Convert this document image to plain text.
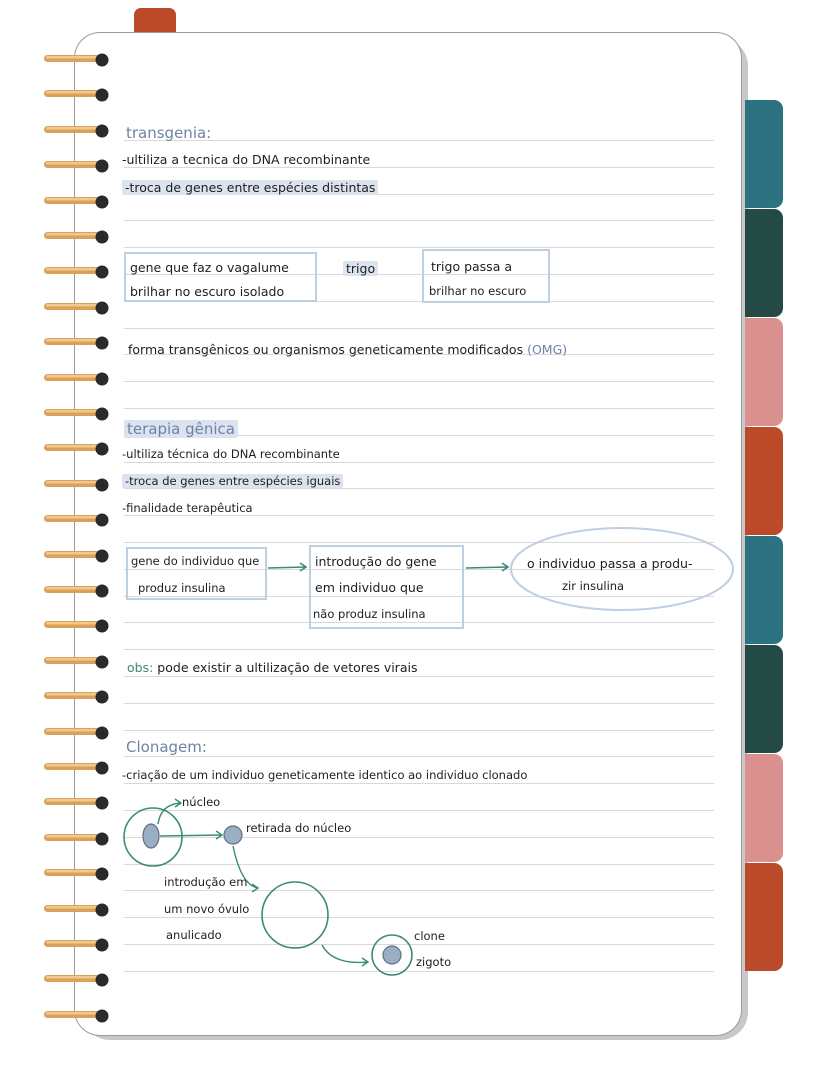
transgenia:
-ultiliza a tecnica do DNA recombinante
-troca de genes entre espécies distintas
gene que faz o vagalume
brilhar no escuro isolado
trigo	trigo passa a
brilhar no escuro
forma transgênicos ou organismos geneticamente modificados (OMG)
terapia gênica
-ultiliza técnica do DNA recombinante
-troca de genes entre espécies iguais
-finalidade terapêutica
gene do individuo que
produz insulina
introdução do gene
em individuo que
não produz insulina
o individuo passa a produ-
zir insulina
obs: pode existir a ultilização de vetores virais
Clonagem:
-criação de um individuo geneticamente identico ao individuo clonado
núcleo
retirada do núcleo
introdução em
um novo óvulo
anulicado	clone
zigoto
